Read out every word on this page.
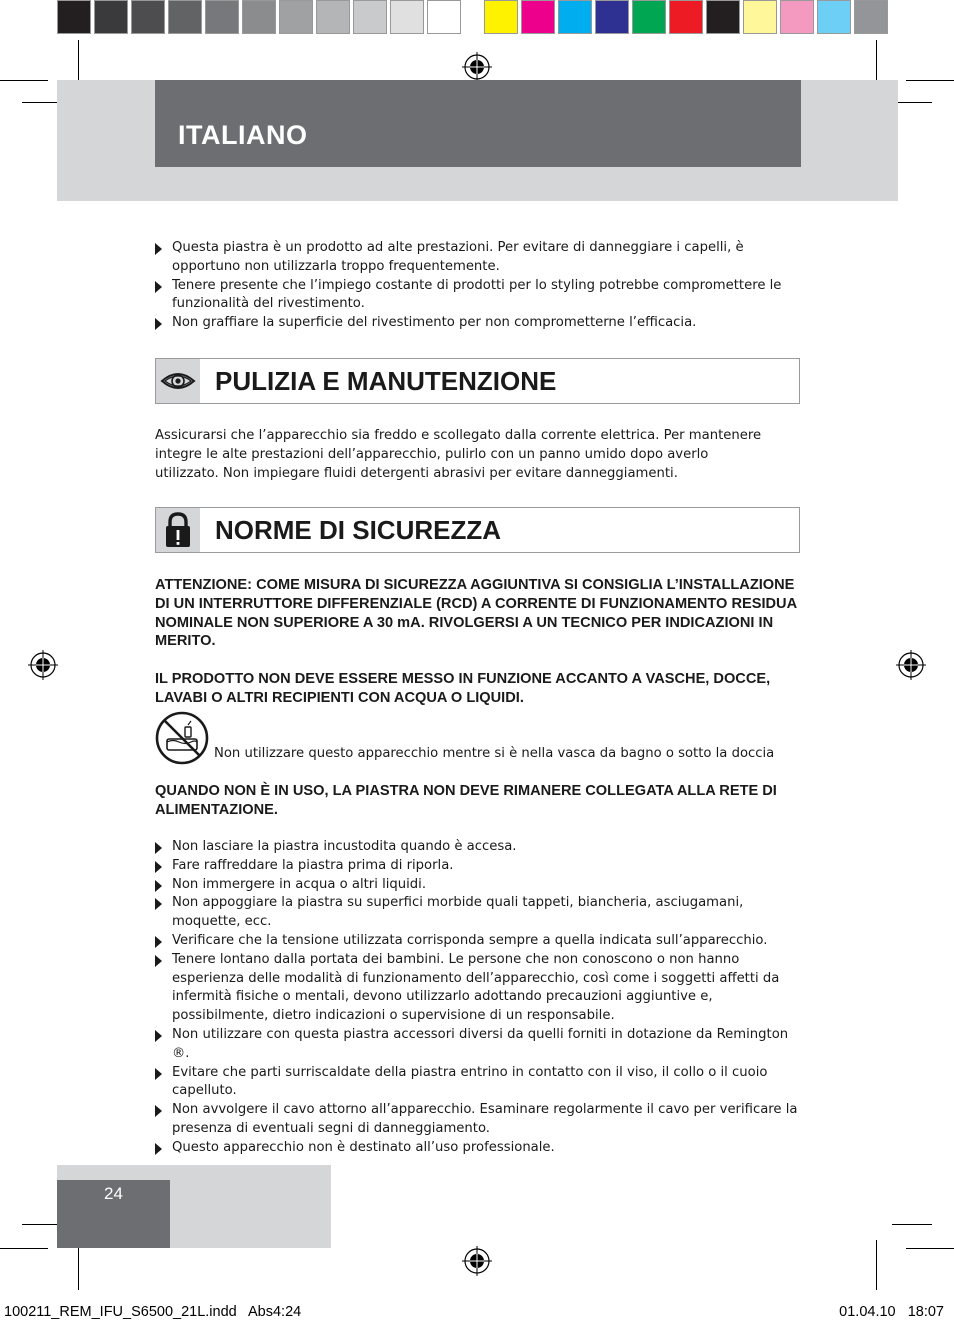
ITALIANO
Questa piastra è un prodotto ad alte prestazioni. Per evitare di danneggiare i capelli, è opportuno non utilizzarla troppo frequentemente.
Tenere presente che l’impiego costante di prodotti per lo styling potrebbe compromettere le funzionalità del rivestimento.
Non graffiare la superficie del rivestimento per non comprometterne l’efficacia.
PULIZIA E MANUTENZIONE
Assicurarsi che l’apparecchio sia freddo e scollegato dalla corrente elettrica. Per mantenere integre le alte prestazioni dell’apparecchio, pulirlo con un panno umido dopo averlo utilizzato. Non impiegare fluidi detergenti abrasivi per evitare danneggiamenti.
NORME DI SICUREZZA
ATTENZIONE: COME MISURA DI SICUREZZA AGGIUNTIVA SI CONSIGLIA L’INSTALLAZIONE DI UN INTERRUTTORE DIFFERENZIALE (RCD) A CORRENTE DI FUNZIONAMENTO RESIDUA NOMINALE NON SUPERIORE A 30 mA. RIVOLGERSI A UN TECNICO PER INDICAZIONI IN MERITO.
IL PRODOTTO NON DEVE ESSERE MESSO IN FUNZIONE ACCANTO A VASCHE, DOCCE, LAVABI O ALTRI RECIPIENTI CON ACQUA O LIQUIDI.
Non utilizzare questo apparecchio mentre si è nella vasca da bagno o sotto la doccia
QUANDO NON È IN USO, LA PIASTRA NON DEVE RIMANERE COLLEGATA ALLA RETE DI ALIMENTAZIONE.
Non lasciare la piastra incustodita quando è accesa.
Fare raffreddare la piastra prima di riporla.
Non immergere in acqua o altri liquidi.
Non appoggiare la piastra su superfici morbide quali tappeti, biancheria, asciugamani, moquette, ecc.
Verificare che la tensione utilizzata corrisponda sempre a quella indicata sull’apparecchio.
Tenere lontano dalla portata dei bambini. Le persone che non conoscono o non hanno esperienza delle modalità di funzionamento dell’apparecchio, così come i soggetti affetti da infermità fisiche o mentali, devono utilizzarlo adottando precauzioni aggiuntive e, possibilmente, dietro indicazioni o supervisione di un responsabile.
Non utilizzare con questa piastra accessori diversi da quelli forniti in dotazione da Remington ®.
Evitare che parti surriscaldate della piastra entrino in contatto con il viso, il collo o il cuoio capelluto.
Non avvolgere il cavo attorno all’apparecchio. Esaminare regolarmente il cavo per verificare la presenza di eventuali segni di danneggiamento.
Questo apparecchio non è destinato all’uso professionale.
24
100211_REM_IFU_S6500_21L.indd   Abs4:24	01.04.10   18:07
